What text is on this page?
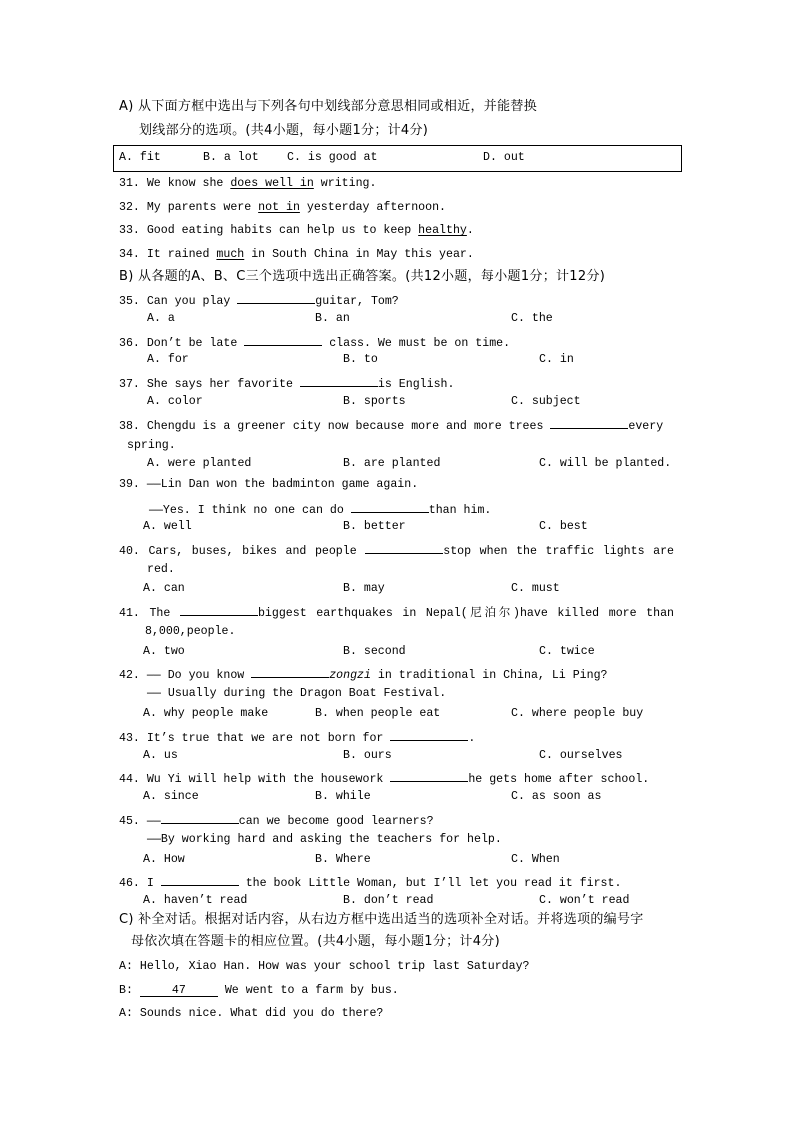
A) 从下面方框中选出与下列各句中划线部分意思相同或相近，并能替换
划线部分的选项。(共4小题，每小题1分；计4分)
A. fit	B. a lot C. is good at	D. out
B) 从各题的A、B、C三个选项中选出正确答案。(共12小题，每小题1分；计12分)
C) 补全对话。根据对话内容，从右边方框中选出适当的选项补全对话。并将选项的编号字
母依次填在答题卡的相应位置。(共4小题，每小题1分；计4分)
31. We know she does well in writing.
32. My parents were not in yesterday afternoon.
33. Good eating habits can help us to keep healthy.
34. It rained much in South China in May this year.
35. Can you play	guitar, Tom?
A. a	B. an	C. the
36. Don’t be late	class. We must be on time.
A. for	B. to	C. in
37. She says her favorite	is English.
A. color	B. sports	C. subject
38. Chengdu is a greener city now because more and more trees	every
spring.
A. were planted	B. are planted	C. will be planted.
39. ——Lin Dan won the badminton game again.
——Yes. I think no one can do	than him.
A. well	B. better	C. best
40. Cars, buses, bikes and people	stop when the traffic lights are
red.
A. can	B. may	C. must
41. The	biggest earthquakes in Nepal(尼泊尔)have killed more than
8,000,people.
A. two	B. second	C. twice
42. —— Do you know	zongzi in traditional in China, Li Ping?
—— Usually during the Dragon Boat Festival.
A. why people make	B. when people eat	C. where people buy
43. It’s true that we are not born for	.
A. us	B. ours	C. ourselves
44. Wu Yi will help with the housework	he gets home after school.
A. since	B. while	C. as soon as
45. ——	can we become good learners?
——By working hard and asking the teachers for help.
A. How	B. Where	C. When
46. I	the book Little Woman, but I’ll let you read it first.
A. haven’t read	B. don’t read	C. won’t read
A: Hello, Xiao Han. How was your school trip last Saturday?
B:	47	We went to a farm by bus.
A: Sounds nice. What did you do there?
